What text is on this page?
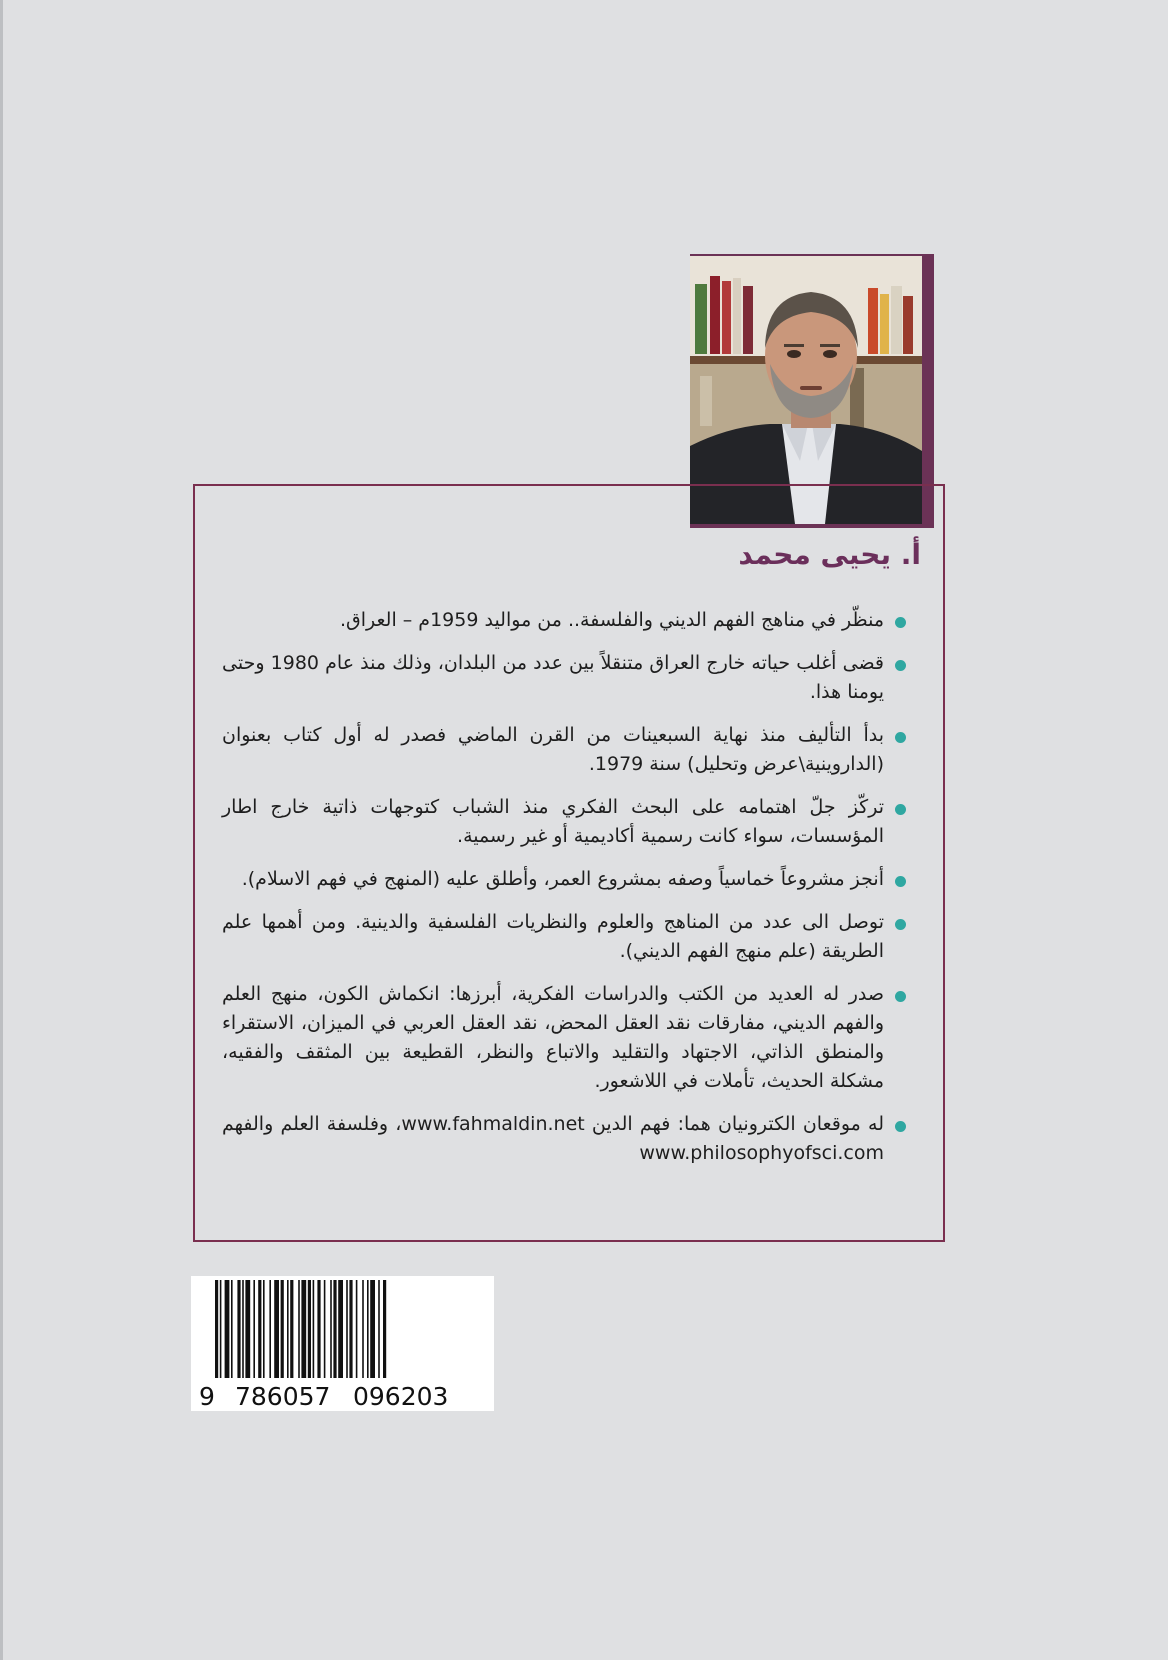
أ. يحيى محمد
منظّر في مناهج الفهم الديني والفلسفة.. من مواليد 1959م – العراق.
قضى أغلب حياته خارج العراق متنقلاً بين عدد من البلدان، وذلك منذ عام 1980 وحتى يومنا هذا.
بدأ التأليف منذ نهاية السبعينات من القرن الماضي فصدر له أول كتاب بعنوان (الداروينية\عرض وتحليل) سنة 1979.
تركّز جلّ اهتمامه على البحث الفكري منذ الشباب كتوجهات ذاتية خارج اطار المؤسسات، سواء كانت رسمية أكاديمية أو غير رسمية.
أنجز مشروعاً خماسياً وصفه بمشروع العمر، وأطلق عليه (المنهج في فهم الاسلام).
توصل الى عدد من المناهج والعلوم والنظريات الفلسفية والدينية. ومن أهمها علم الطريقة (علم منهج الفهم الديني).
صدر له العديد من الكتب والدراسات الفكرية، أبرزها: انكماش الكون، منهج العلم والفهم الديني، مفارقات نقد العقل المحض، نقد العقل العربي في الميزان، الاستقراء والمنطق الذاتي، الاجتهاد والتقليد والاتباع والنظر، القطيعة بين المثقف والفقيه، مشكلة الحديث، تأملات في اللاشعور.
له موقعان الكترونيان هما: فهم الدين www.fahmaldin.net، وفلسفة العلم والفهم www.philosophyofsci.com
9 786057 096203
